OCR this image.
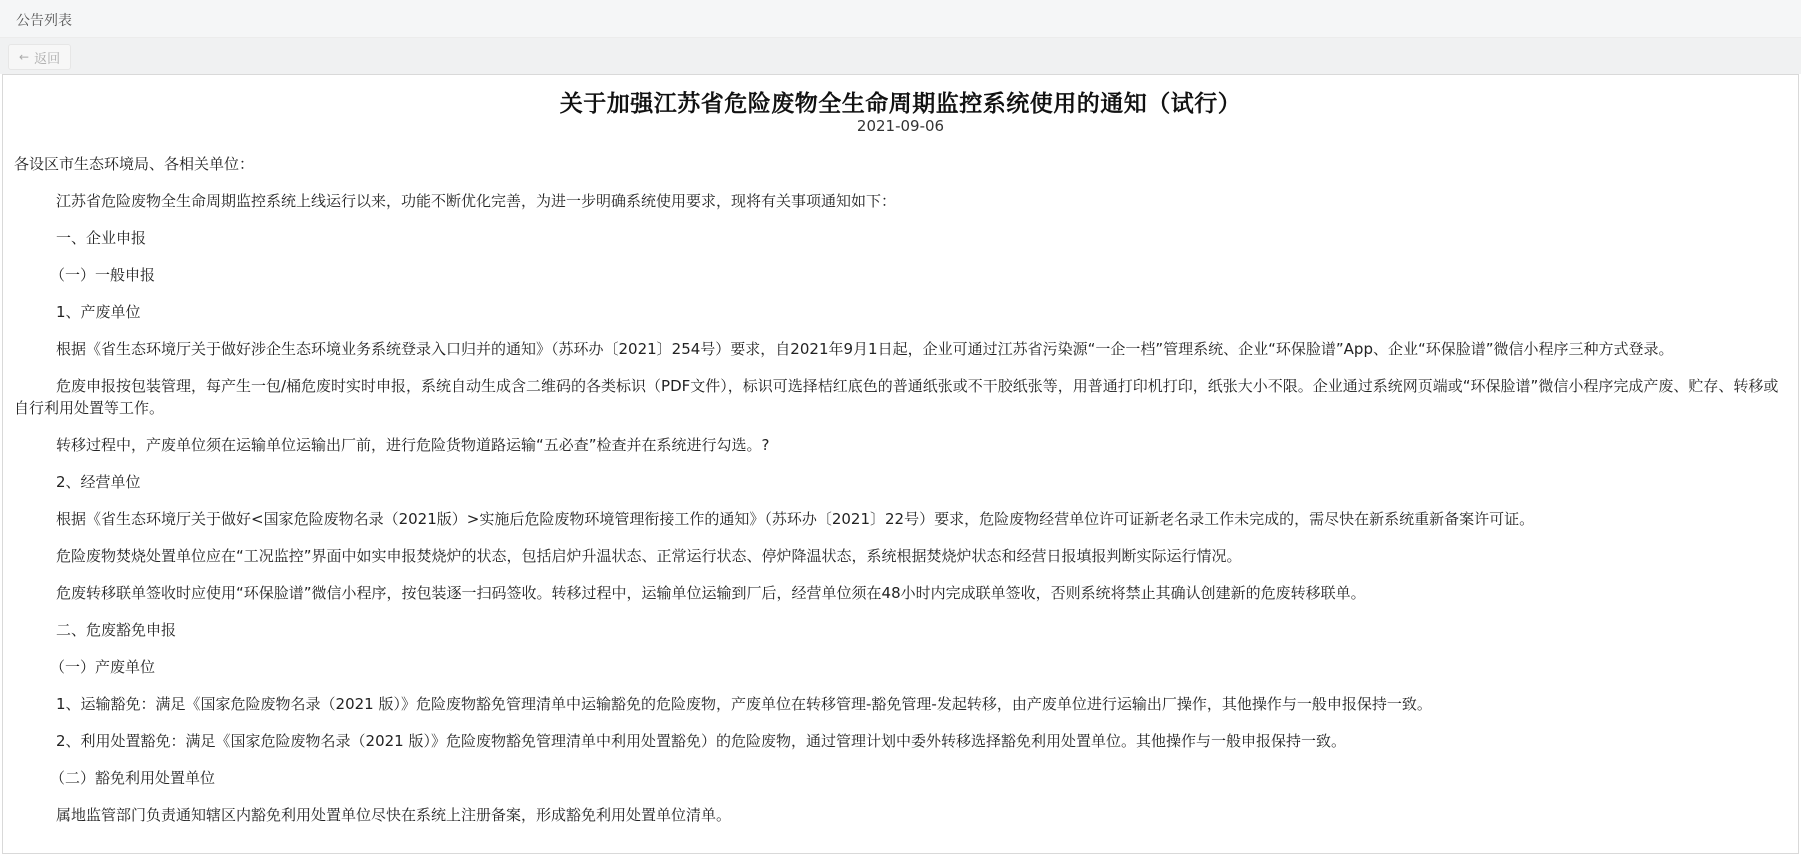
公告列表
← 返回
关于加强江苏省危险废物全生命周期监控系统使用的通知（试行）
2021-09-06

各设区市生态环境局、各相关单位：

江苏省危险废物全生命周期监控系统上线运行以来，功能不断优化完善，为进一步明确系统使用要求，现将有关事项通知如下：

一、企业申报

（一）一般申报

1、产废单位

根据《省生态环境厅关于做好涉企生态环境业务系统登录入口归并的通知》（苏环办〔2021〕254号）要求，自2021年9月1日起，企业可通过江苏省污染源“一企一档”管理系统、企业“环保脸谱”App、企业“环保脸谱”微信小程序三种方式登录。

危废申报按包装管理，每产生一包/桶危废时实时申报，系统自动生成含二维码的各类标识（PDF文件），标识可选择桔红底色的普通纸张或不干胶纸张等，用普通打印机打印，纸张大小不限。企业通过系统网页端或“环保脸谱”微信小程序完成产废、贮存、转移或自行利用处置等工作。

转移过程中，产废单位须在运输单位运输出厂前，进行危险货物道路运输“五必查”检查并在系统进行勾选。?

2、经营单位

根据《省生态环境厅关于做好<国家危险废物名录（2021版）>实施后危险废物环境管理衔接工作的通知》（苏环办〔2021〕22号）要求，危险废物经营单位许可证新老名录工作未完成的，需尽快在新系统重新备案许可证。

危险废物焚烧处置单位应在“工况监控”界面中如实申报焚烧炉的状态，包括启炉升温状态、正常运行状态、停炉降温状态，系统根据焚烧炉状态和经营日报填报判断实际运行情况。

危废转移联单签收时应使用“环保脸谱”微信小程序，按包装逐一扫码签收。转移过程中，运输单位运输到厂后，经营单位须在48小时内完成联单签收，否则系统将禁止其确认创建新的危废转移联单。

二、危废豁免申报

（一）产废单位

1、运输豁免：满足《国家危险废物名录（2021 版）》危险废物豁免管理清单中运输豁免的危险废物，产废单位在转移管理-豁免管理-发起转移，由产废单位进行运输出厂操作，其他操作与一般申报保持一致。

2、利用处置豁免：满足《国家危险废物名录（2021 版）》危险废物豁免管理清单中利用处置豁免）的危险废物，通过管理计划中委外转移选择豁免利用处置单位。其他操作与一般申报保持一致。

（二）豁免利用处置单位

属地监管部门负责通知辖区内豁免利用处置单位尽快在系统上注册备案，形成豁免利用处置单位清单。
